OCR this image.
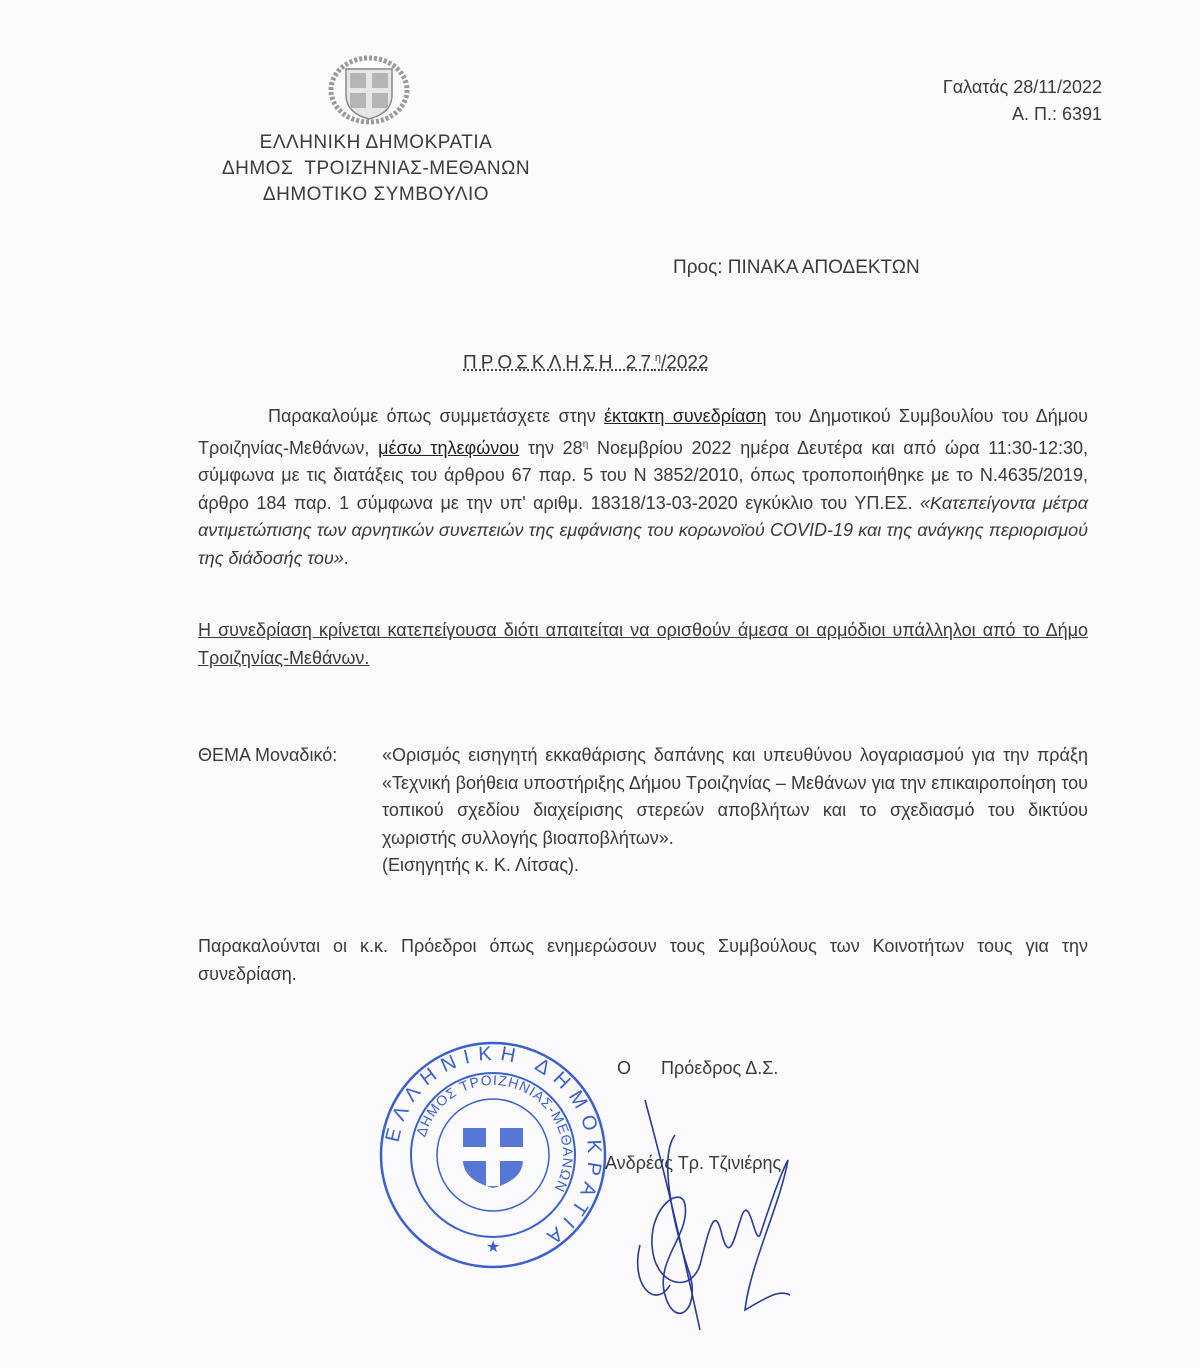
ΕΛΛΗΝΙΚΗ ΔΗΜΟΚΡΑΤΙΑ
ΔΗΜΟΣ  ΤΡΟΙΖΗΝΙΑΣ-ΜΕΘΑΝΩΝ
ΔΗΜΟΤΙΚΟ ΣΥΜΒΟΥΛΙΟ
Γαλατάς 28/11/2022
Α. Π.: 6391
Προς: ΠΙΝΑΚΑ ΑΠΟΔΕΚΤΩΝ
ΠΡΟΣΚΛΗΣΗ $27^\eta/2022$
Παρακαλούμε όπως συμμετάσχετε στην έκτακτη συνεδρίαση του Δημοτικού Συμβουλίου του Δήμου Τροιζηνίας-Μεθάνων, μέσω τηλεφώνου την $28^\eta$ Νοεμβρίου 2022 ημέρα Δευτέρα και από ώρα 11:30-12:30, σύμφωνα με τις διατάξεις του άρθρου 67 παρ. 5 του Ν 3852/2010, όπως τροποποιήθηκε με το Ν.4635/2019, άρθρο 184 παρ. 1 σύμφωνα με την υπ' αριθμ. 18318/13-03-2020 εγκύκλιο του ΥΠ.ΕΣ. «Κατεπείγοντα μέτρα αντιμετώπισης των αρνητικών συνεπειών της εμφάνισης του κορωνοϊού COVID-19 και της ανάγκης περιορισμού της διάδοσής του».
Η συνεδρίαση κρίνεται κατεπείγουσα διότι απαιτείται να ορισθούν άμεσα οι αρμόδιοι υπάλληλοι από το Δήμο Τροιζηνίας-Μεθάνων.
ΘΕΜΑ Μοναδικό:	«Ορισμός εισηγητή εκκαθάρισης δαπάνης και υπευθύνου λογαριασμού για την πράξη «Τεχνική βοήθεια υποστήριξης Δήμου Τροιζηνίας – Μεθάνων για την επικαιροποίηση του τοπικού σχεδίου διαχείρισης στερεών αποβλήτων και το σχεδιασμό του δικτύου χωριστής συλλογής βιοαποβλήτων».
(Εισηγητής κ. Κ. Λίτσας).
Παρακαλούνται οι κ.κ. Πρόεδροι όπως ενημερώσουν τους Συμβούλους των Κοινοτήτων τους για την συνεδρίαση.
ΕΛΛΗΝΙΚΗ ΔΗΜΟΚΡΑΤΙΑ
ΔΗΜΟΣ ΤΡΟΙΖΗΝΙΑΣ-ΜΕΘΑΝΩΝ
★
Ο Πρόεδρος Δ.Σ.
Ανδρέας Τρ. Τζινιέρης
